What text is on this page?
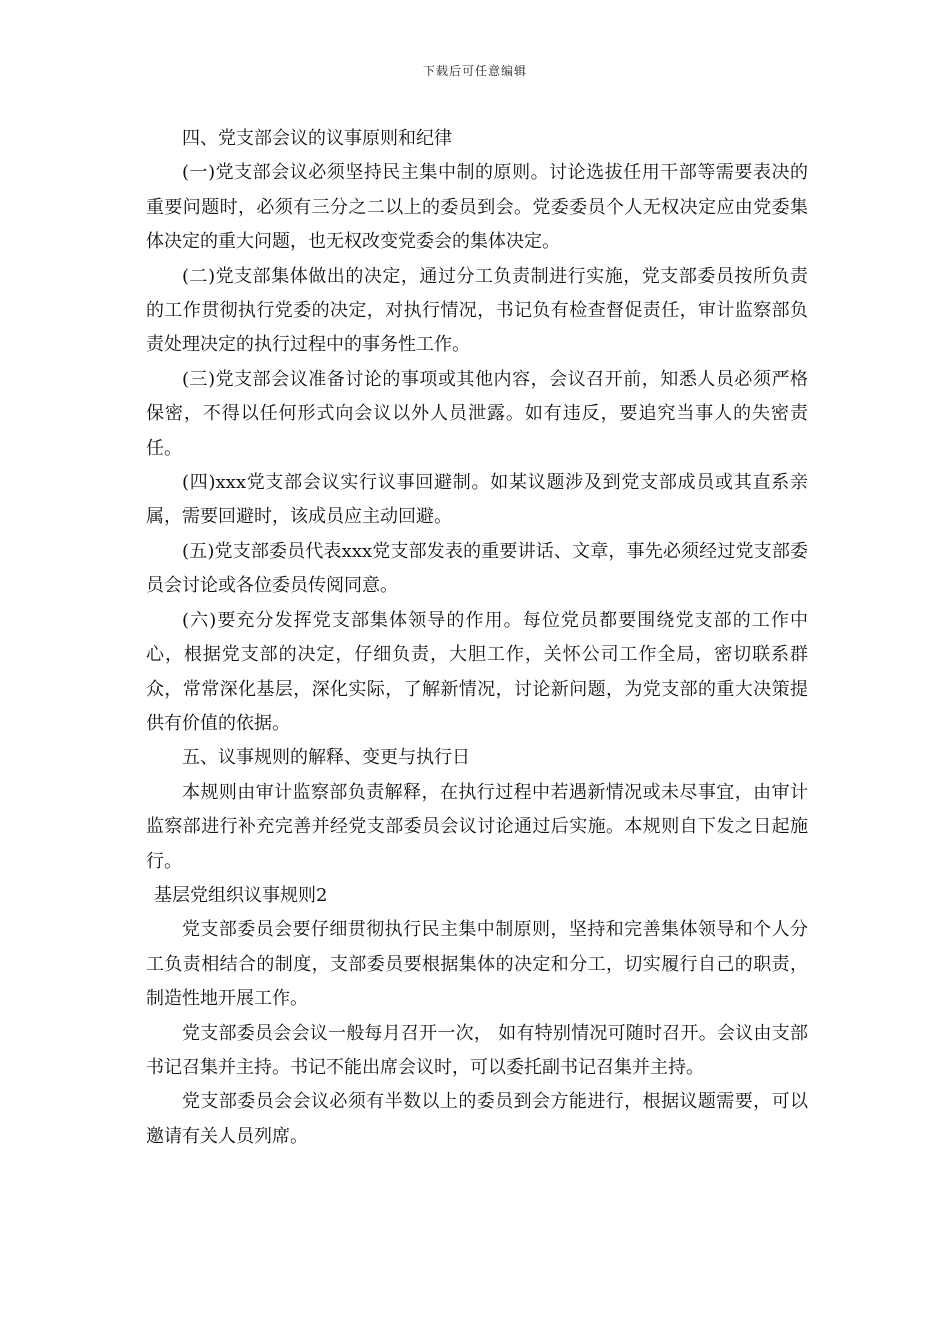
下载后可任意编辑

四、党支部会议的议事原则和纪律

(一)党支部会议必须坚持民主集中制的原则。讨论选拔任用干部等需要表决的重要问题时，必须有三分之二以上的委员到会。党委委员个人无权决定应由党委集体决定的重大问题，也无权改变党委会的集体决定。

(二)党支部集体做出的决定，通过分工负责制进行实施，党支部委员按所负责的工作贯彻执行党委的决定，对执行情况，书记负有检查督促责任，审计监察部负责处理决定的执行过程中的事务性工作。

(三)党支部会议准备讨论的事项或其他内容，会议召开前，知悉人员必须严格保密，不得以任何形式向会议以外人员泄露。如有违反，要追究当事人的失密责任。

(四)xxx党支部会议实行议事回避制。如某议题涉及到党支部成员或其直系亲属，需要回避时，该成员应主动回避。

(五)党支部委员代表xxx党支部发表的重要讲话、文章，事先必须经过党支部委员会讨论或各位委员传阅同意。

(六)要充分发挥党支部集体领导的作用。每位党员都要围绕党支部的工作中心，根据党支部的决定，仔细负责，大胆工作，关怀公司工作全局，密切联系群众，常常深化基层，深化实际，了解新情况，讨论新问题，为党支部的重大决策提供有价值的依据。

五、议事规则的解释、变更与执行日

本规则由审计监察部负责解释，在执行过程中若遇新情况或未尽事宜，由审计监察部进行补充完善并经党支部委员会议讨论通过后实施。本规则自下发之日起施行。

基层党组织议事规则2

党支部委员会要仔细贯彻执行民主集中制原则，坚持和完善集体领导和个人分工负责相结合的制度，支部委员要根据集体的决定和分工，切实履行自己的职责，制造性地开展工作。

党支部委员会会议一般每月召开一次， 如有特别情况可随时召开。会议由支部书记召集并主持。书记不能出席会议时，可以委托副书记召集并主持。

党支部委员会会议必须有半数以上的委员到会方能进行，根据议题需要，可以邀请有关人员列席。
